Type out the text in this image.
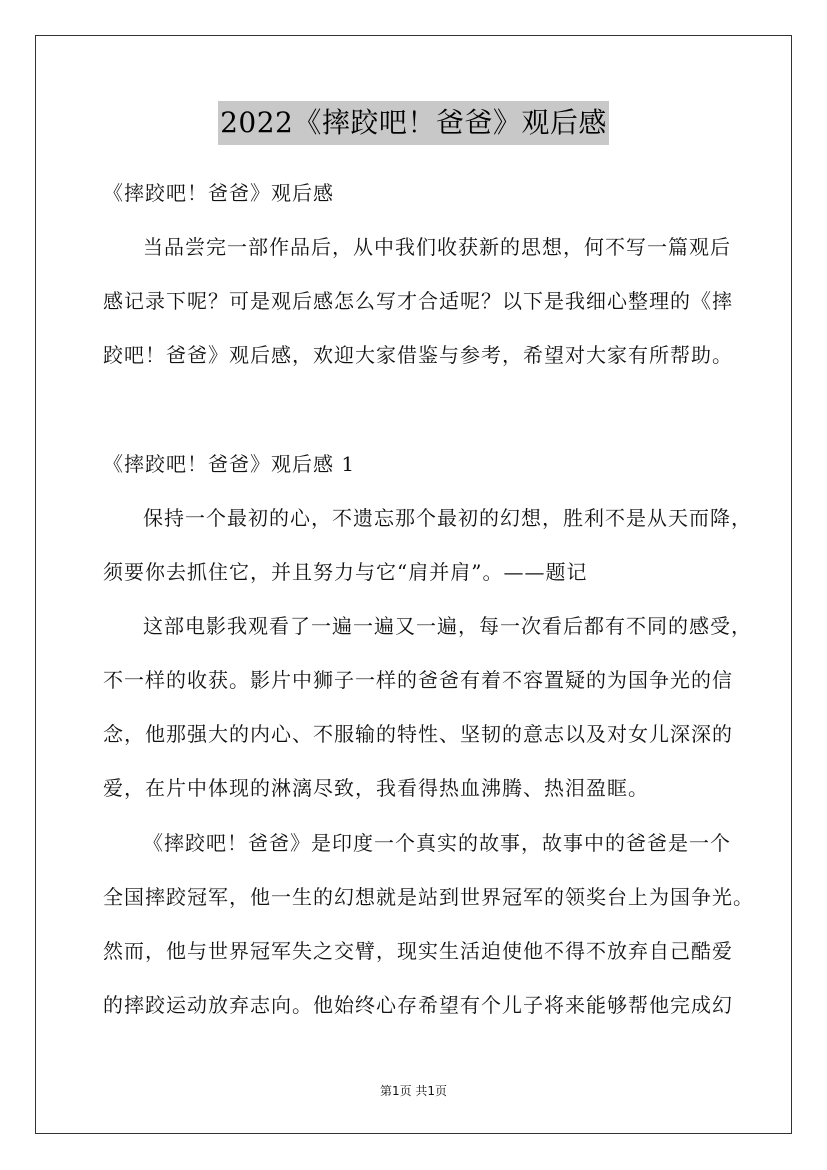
2022《摔跤吧！爸爸》观后感
《摔跤吧！爸爸》观后感
当品尝完一部作品后，从中我们收获新的思想，何不写一篇观后
感记录下呢？可是观后感怎么写才合适呢？以下是我细心整理的《摔
跤吧！爸爸》观后感，欢迎大家借鉴与参考，希望对大家有所帮助。
《摔跤吧！爸爸》观后感 1
保持一个最初的心，不遗忘那个最初的幻想，胜利不是从天而降，
须要你去抓住它，并且努力与它“肩并肩”。——题记
这部电影我观看了一遍一遍又一遍，每一次看后都有不同的感受，
不一样的收获。影片中狮子一样的爸爸有着不容置疑的为国争光的信
念，他那强大的内心、不服输的特性、坚韧的意志以及对女儿深深的
爱，在片中体现的淋漓尽致，我看得热血沸腾、热泪盈眶。
《摔跤吧！爸爸》是印度一个真实的故事，故事中的爸爸是一个
全国摔跤冠军，他一生的幻想就是站到世界冠军的领奖台上为国争光。
然而，他与世界冠军失之交臂，现实生活迫使他不得不放弃自己酷爱
的摔跤运动放弃志向。他始终心存希望有个儿子将来能够帮他完成幻
第1页 共1页
